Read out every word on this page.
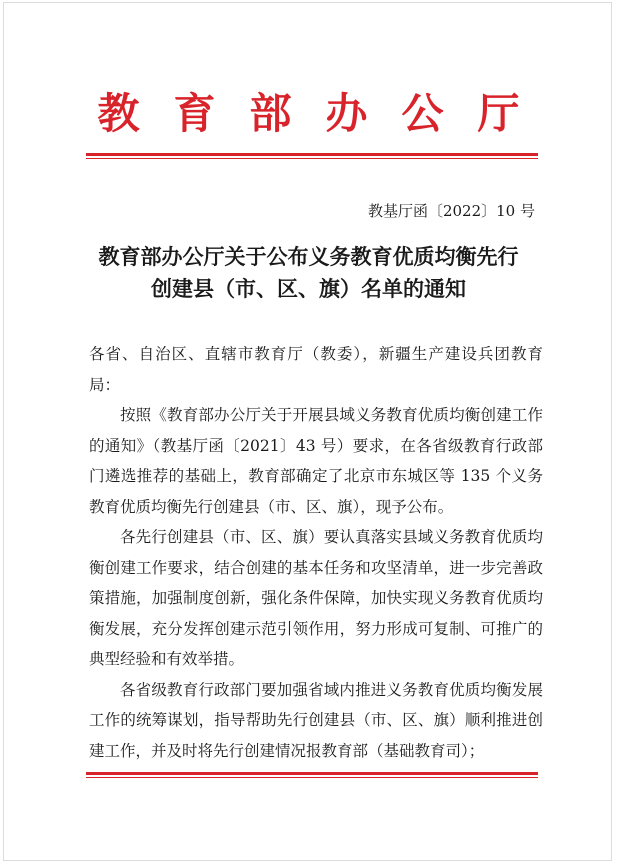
教育部办公厅
教基厅函〔2022〕10 号
教育部办公厅关于公布义务教育优质均衡先行
创建县（市、区、旗）名单的通知

各省、自治区、直辖市教育厅（教委），新疆生产建设兵团教育局：

按照《教育部办公厅关于开展县域义务教育优质均衡创建工作的通知》（教基厅函〔2021〕43 号）要求，在各省级教育行政部门遴选推荐的基础上，教育部确定了北京市东城区等 135 个义务教育优质均衡先行创建县（市、区、旗），现予公布。

各先行创建县（市、区、旗）要认真落实县域义务教育优质均衡创建工作要求，结合创建的基本任务和攻坚清单，进一步完善政策措施，加强制度创新，强化条件保障，加快实现义务教育优质均衡发展，充分发挥创建示范引领作用，努力形成可复制、可推广的典型经验和有效举措。

各省级教育行政部门要加强省域内推进义务教育优质均衡发展工作的统筹谋划，指导帮助先行创建县（市、区、旗）顺利推进创建工作，并及时将先行创建情况报教育部（基础教育司）；
